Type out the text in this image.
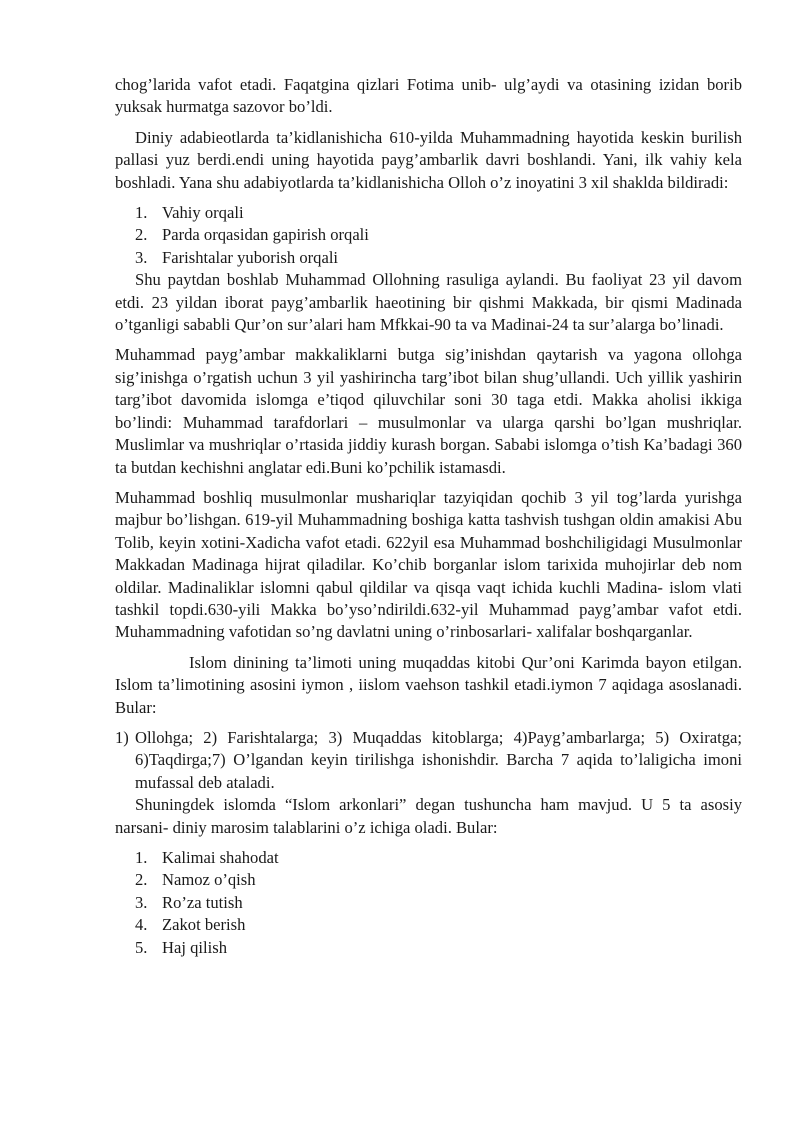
chog’larida vafot etadi. Faqatgina qizlari Fotima unib- ulg’aydi va otasining izidan borib yuksak hurmatga sazovor bo’ldi.

Diniy adabieotlarda ta’kidlanishicha 610-yilda Muhammadning hayotida keskin burilish pallasi yuz berdi.endi uning hayotida payg’ambarlik davri boshlandi. Yani, ilk vahiy kela boshladi. Yana shu adabiyotlarda ta’kidlanishicha Olloh o’z inoyatini 3 xil shaklda bildiradi:

1. Vahiy orqali
2. Parda orqasidan gapirish orqali
3. Farishtalar yuborish orqali

Shu paytdan boshlab Muhammad Ollohning rasuliga aylandi. Bu faoliyat 23 yil davom etdi. 23 yildan iborat payg’ambarlik haeotining bir qishmi Makkada, bir qismi Madinada o’tganligi sababli Qur’on sur’alari ham Mfkkai-90 ta va Madinai-24 ta sur’alarga bo’linadi.

Muhammad payg’ambar makkaliklarni butga sig’inishdan qaytarish va yagona ollohga sig’inishga o’rgatish uchun 3 yil yashirincha targ’ibot bilan shug’ullandi. Uch yillik yashirin targ’ibot davomida islomga e’tiqod qiluvchilar soni 30 taga etdi. Makka aholisi ikkiga bo’lindi: Muhammad tarafdorlari – musulmonlar va ularga qarshi bo’lgan mushriqlar. Muslimlar va mushriqlar o’rtasida jiddiy kurash borgan. Sababi islomga o’tish Ka’badagi 360 ta butdan kechishni anglatar edi.Buni ko’pchilik istamasdi.

Muhammad boshliq musulmonlar mushariqlar tazyiqidan qochib 3 yil tog’larda yurishga majbur bo’lishgan. 619-yil Muhammadning boshiga katta tashvish tushgan oldin amakisi Abu Tolib, keyin xotini-Xadicha vafot etadi. 622yil esa Muhammad boshchiligidagi Musulmonlar Makkadan Madinaga hijrat qiladilar. Ko’chib borganlar islom tarixida muhojirlar deb nom oldilar. Madinaliklar islomni qabul qildilar va qisqa vaqt ichida kuchli Madina- islom vlati tashkil topdi.630-yili Makka bo’yso’ndirildi.632-yil Muhammad payg’ambar vafot etdi. Muhammadning vafotidan so’ng davlatni uning o’rinbosarlari- xalifalar boshqarganlar.

Islom dinining ta’limoti uning muqaddas kitobi Qur’oni Karimda bayon etilgan. Islom ta’limotining asosini iymon , iislom vaehson tashkil etadi.iymon 7 aqidaga asoslanadi. Bular:

1) Ollohga; 2) Farishtalarga; 3) Muqaddas kitoblarga; 4)Payg’ambarlarga; 5) Oxiratga; 6)Taqdirga;7) O’lgandan keyin tirilishga ishonishdir. Barcha 7 aqida to’laligicha imoni mufassal deb ataladi.

Shuningdek islomda “Islom arkonlari” degan tushuncha ham mavjud. U 5 ta asosiy narsani- diniy marosim talablarini o’z ichiga oladi. Bular:

1. Kalimai shahodat
2. Namoz o’qish
3. Ro’za tutish
4. Zakot berish
5. Haj qilish
